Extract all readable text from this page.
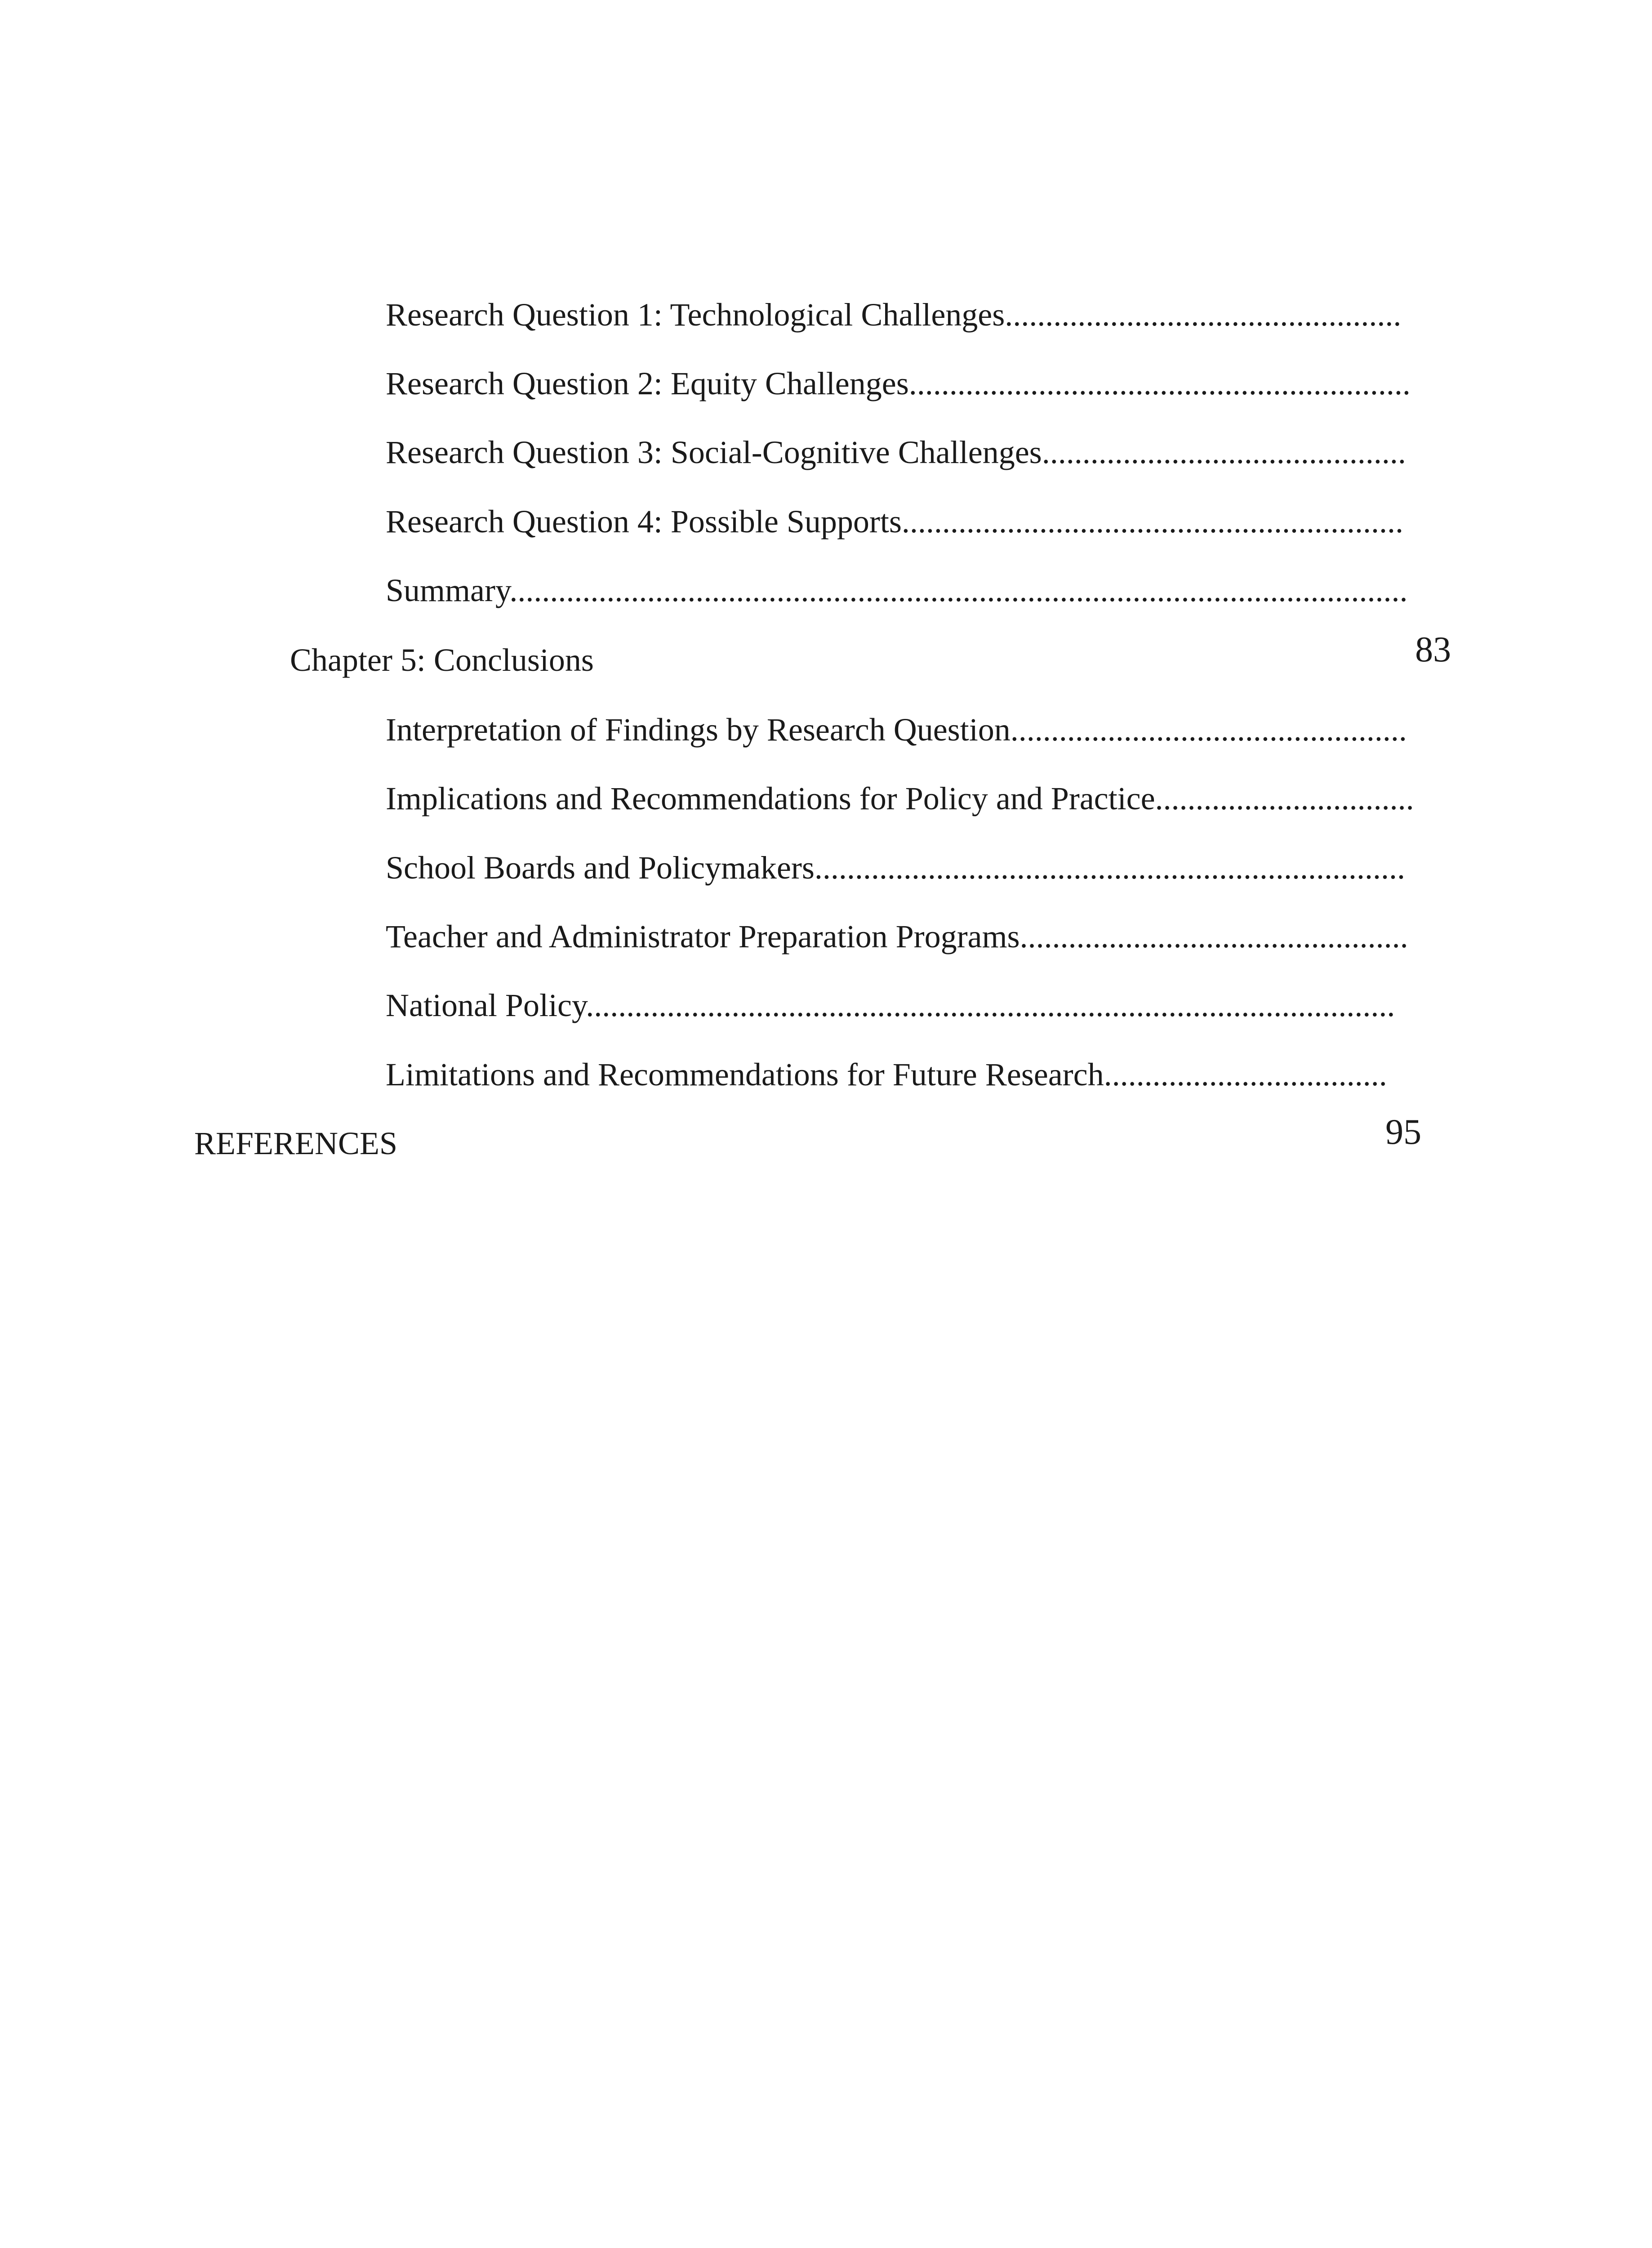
Research Question 1: Technological Challenges.................................................
Research Question 2: Equity Challenges..............................................................
Research Question 3: Social-Cognitive Challenges.............................................
Research Question 4: Possible Supports..............................................................
Summary...............................................................................................................
Chapter 5: Conclusions	83
Interpretation of Findings by Research Question.................................................
Implications and Recommendations for Policy and Practice................................
School Boards and Policymakers.........................................................................
Teacher and Administrator Preparation Programs................................................
National Policy....................................................................................................
Limitations and Recommendations for Future Research...................................
REFERENCES	95
